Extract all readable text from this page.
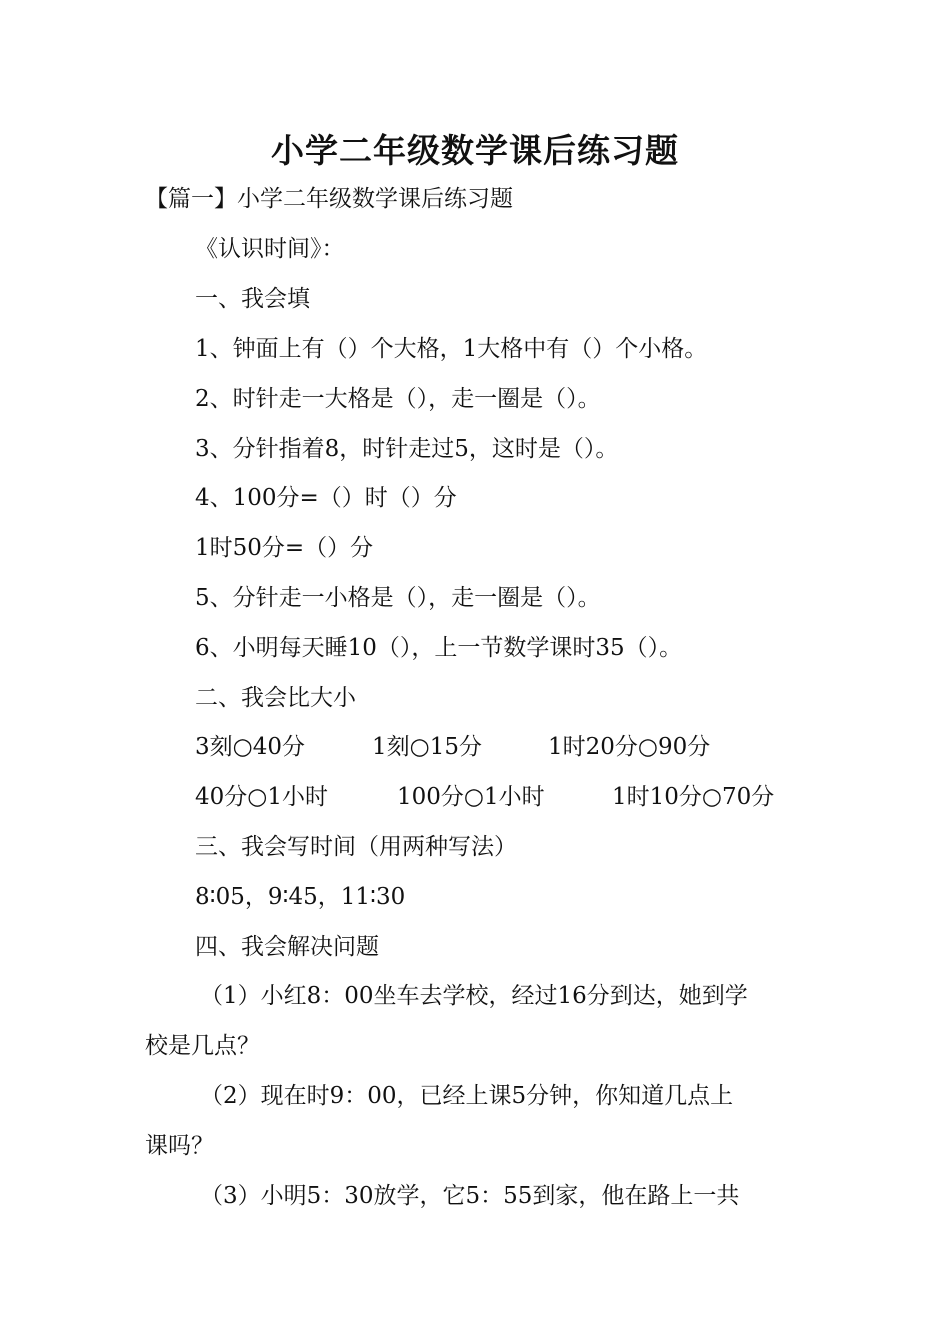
小学二年级数学课后练习题
【篇一】小学二年级数学课后练习题
《认识时间》：
一、我会填
1、钟面上有（）个大格，1大格中有（）个小格。
2、时针走一大格是（），走一圈是（）。
3、分针指着8，时针走过5，这时是（）。
4、100分=（）时（）分
1时50分=（）分
5、分针走一小格是（），走一圈是（）。
6、小明每天睡10（），上一节数学课时35（）。
二、我会比大小
3刻○40分	1刻○15分	1时20分○90分
40分○1小时	100分○1小时	1时10分○70分
三、我会写时间（用两种写法）
8∶05，9∶45，11∶30
四、我会解决问题
（1）小红8：00坐车去学校，经过16分到达，她到学
校是几点？
（2）现在时9：00，已经上课5分钟，你知道几点上
课吗？
（3）小明5：30放学，它5：55到家，他在路上一共
